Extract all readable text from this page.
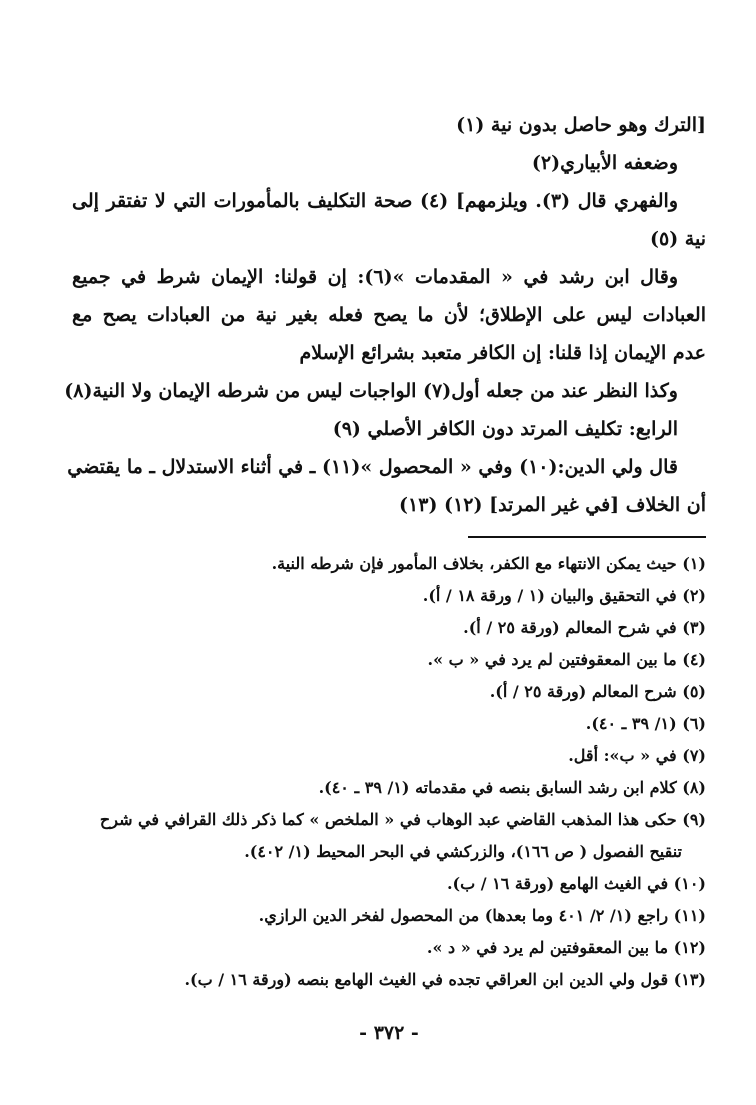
[الترك وهو حاصل بدون نية (١)
وضعفه الأبياري(٢)
والفهري قال (٣). ويلزمهم] (٤) صحة التكليف بالمأمورات التي لا تفتقر إلى
نية (٥)
وقال ابن رشد في « المقدمات »(٦): إن قولنا: الإيمان شرط في جميع
العبادات ليس على الإطلاق؛ لأن ما يصح فعله بغير نية من العبادات يصح مع
عدم الإيمان إذا قلنا: إن الكافر متعبد بشرائع الإسلام
وكذا النظر عند من جعله أول(٧) الواجبات ليس من شرطه الإيمان ولا النية(٨)
الرابع: تكليف المرتد دون الكافر الأصلي (٩)
قال ولي الدين:(١٠) وفي « المحصول »(١١) ـ في أثناء الاستدلال ـ ما يقتضي
أن الخلاف [في غير المرتد] (١٢) (١٣)
(١) حيث يمكن الانتهاء مع الكفر، بخلاف المأمور فإن شرطه النية.
(٢) في التحقيق والبيان (١ / ورقة ١٨ / أ).
(٣) في شرح المعالم (ورقة ٢٥ / أ).
(٤) ما بين المعقوفتين لم يرد في « ب ».
(٥) شرح المعالم (ورقة ٢٥ / أ).
(٦) (١/ ٣٩ ـ ٤٠).
(٧) في « ب»: أقل.
(٨) كلام ابن رشد السابق بنصه في مقدماته (١/ ٣٩ ـ ٤٠).
(٩) حكى هذا المذهب القاضي عبد الوهاب في « الملخص » كما ذكر ذلك القرافي في شرح
تنقيح الفصول ( ص ١٦٦)، والزركشي في البحر المحيط (١/ ٤٠٢).
(١٠) في الغيث الهامع (ورقة ١٦ / ب).
(١١) راجع (١/ ٢/ ٤٠١ وما بعدها) من المحصول لفخر الدين الرازي.
(١٢) ما بين المعقوفتين لم يرد في « د ».
(١٣) قول ولي الدين ابن العراقي تجده في الغيث الهامع بنصه (ورقة ١٦ / ب).
- ٣٧٢ -
